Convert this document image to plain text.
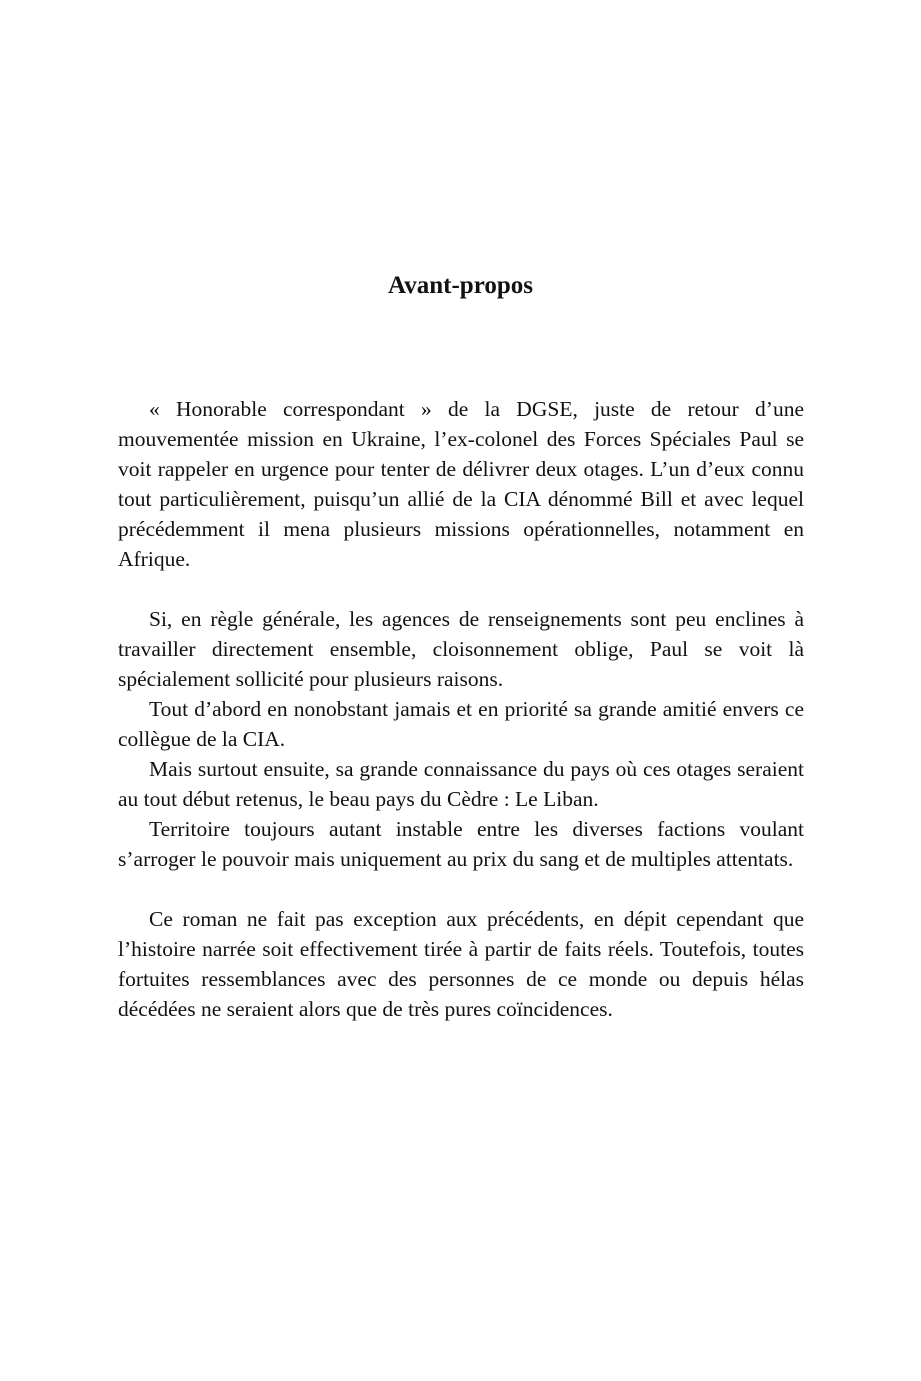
Avant-propos

« Honorable correspondant » de la DGSE, juste de retour d’une mouvementée mission en Ukraine, l’ex-colonel des Forces Spéciales Paul se voit rappeler en urgence pour tenter de délivrer deux otages. L’un d’eux connu tout particulièrement, puisqu’un allié de la CIA dénommé Bill et avec lequel précédemment il mena plusieurs missions opérationnelles, notamment en Afrique.

Si, en règle générale, les agences de renseignements sont peu enclines à travailler directement ensemble, cloisonnement oblige, Paul se voit là spécialement sollicité pour plusieurs raisons.

Tout d’abord en nonobstant jamais et en priorité sa grande amitié envers ce collègue de la CIA.

Mais surtout ensuite, sa grande connaissance du pays où ces otages seraient au tout début retenus, le beau pays du Cèdre : Le Liban.

Territoire toujours autant instable entre les diverses factions voulant s’arroger le pouvoir mais uniquement au prix du sang et de multiples attentats.

Ce roman ne fait pas exception aux précédents, en dépit cependant que l’histoire narrée soit effectivement tirée à partir de faits réels. Toutefois, toutes fortuites ressemblances avec des personnes de ce monde ou depuis hélas décédées ne seraient alors que de très pures coïncidences.
